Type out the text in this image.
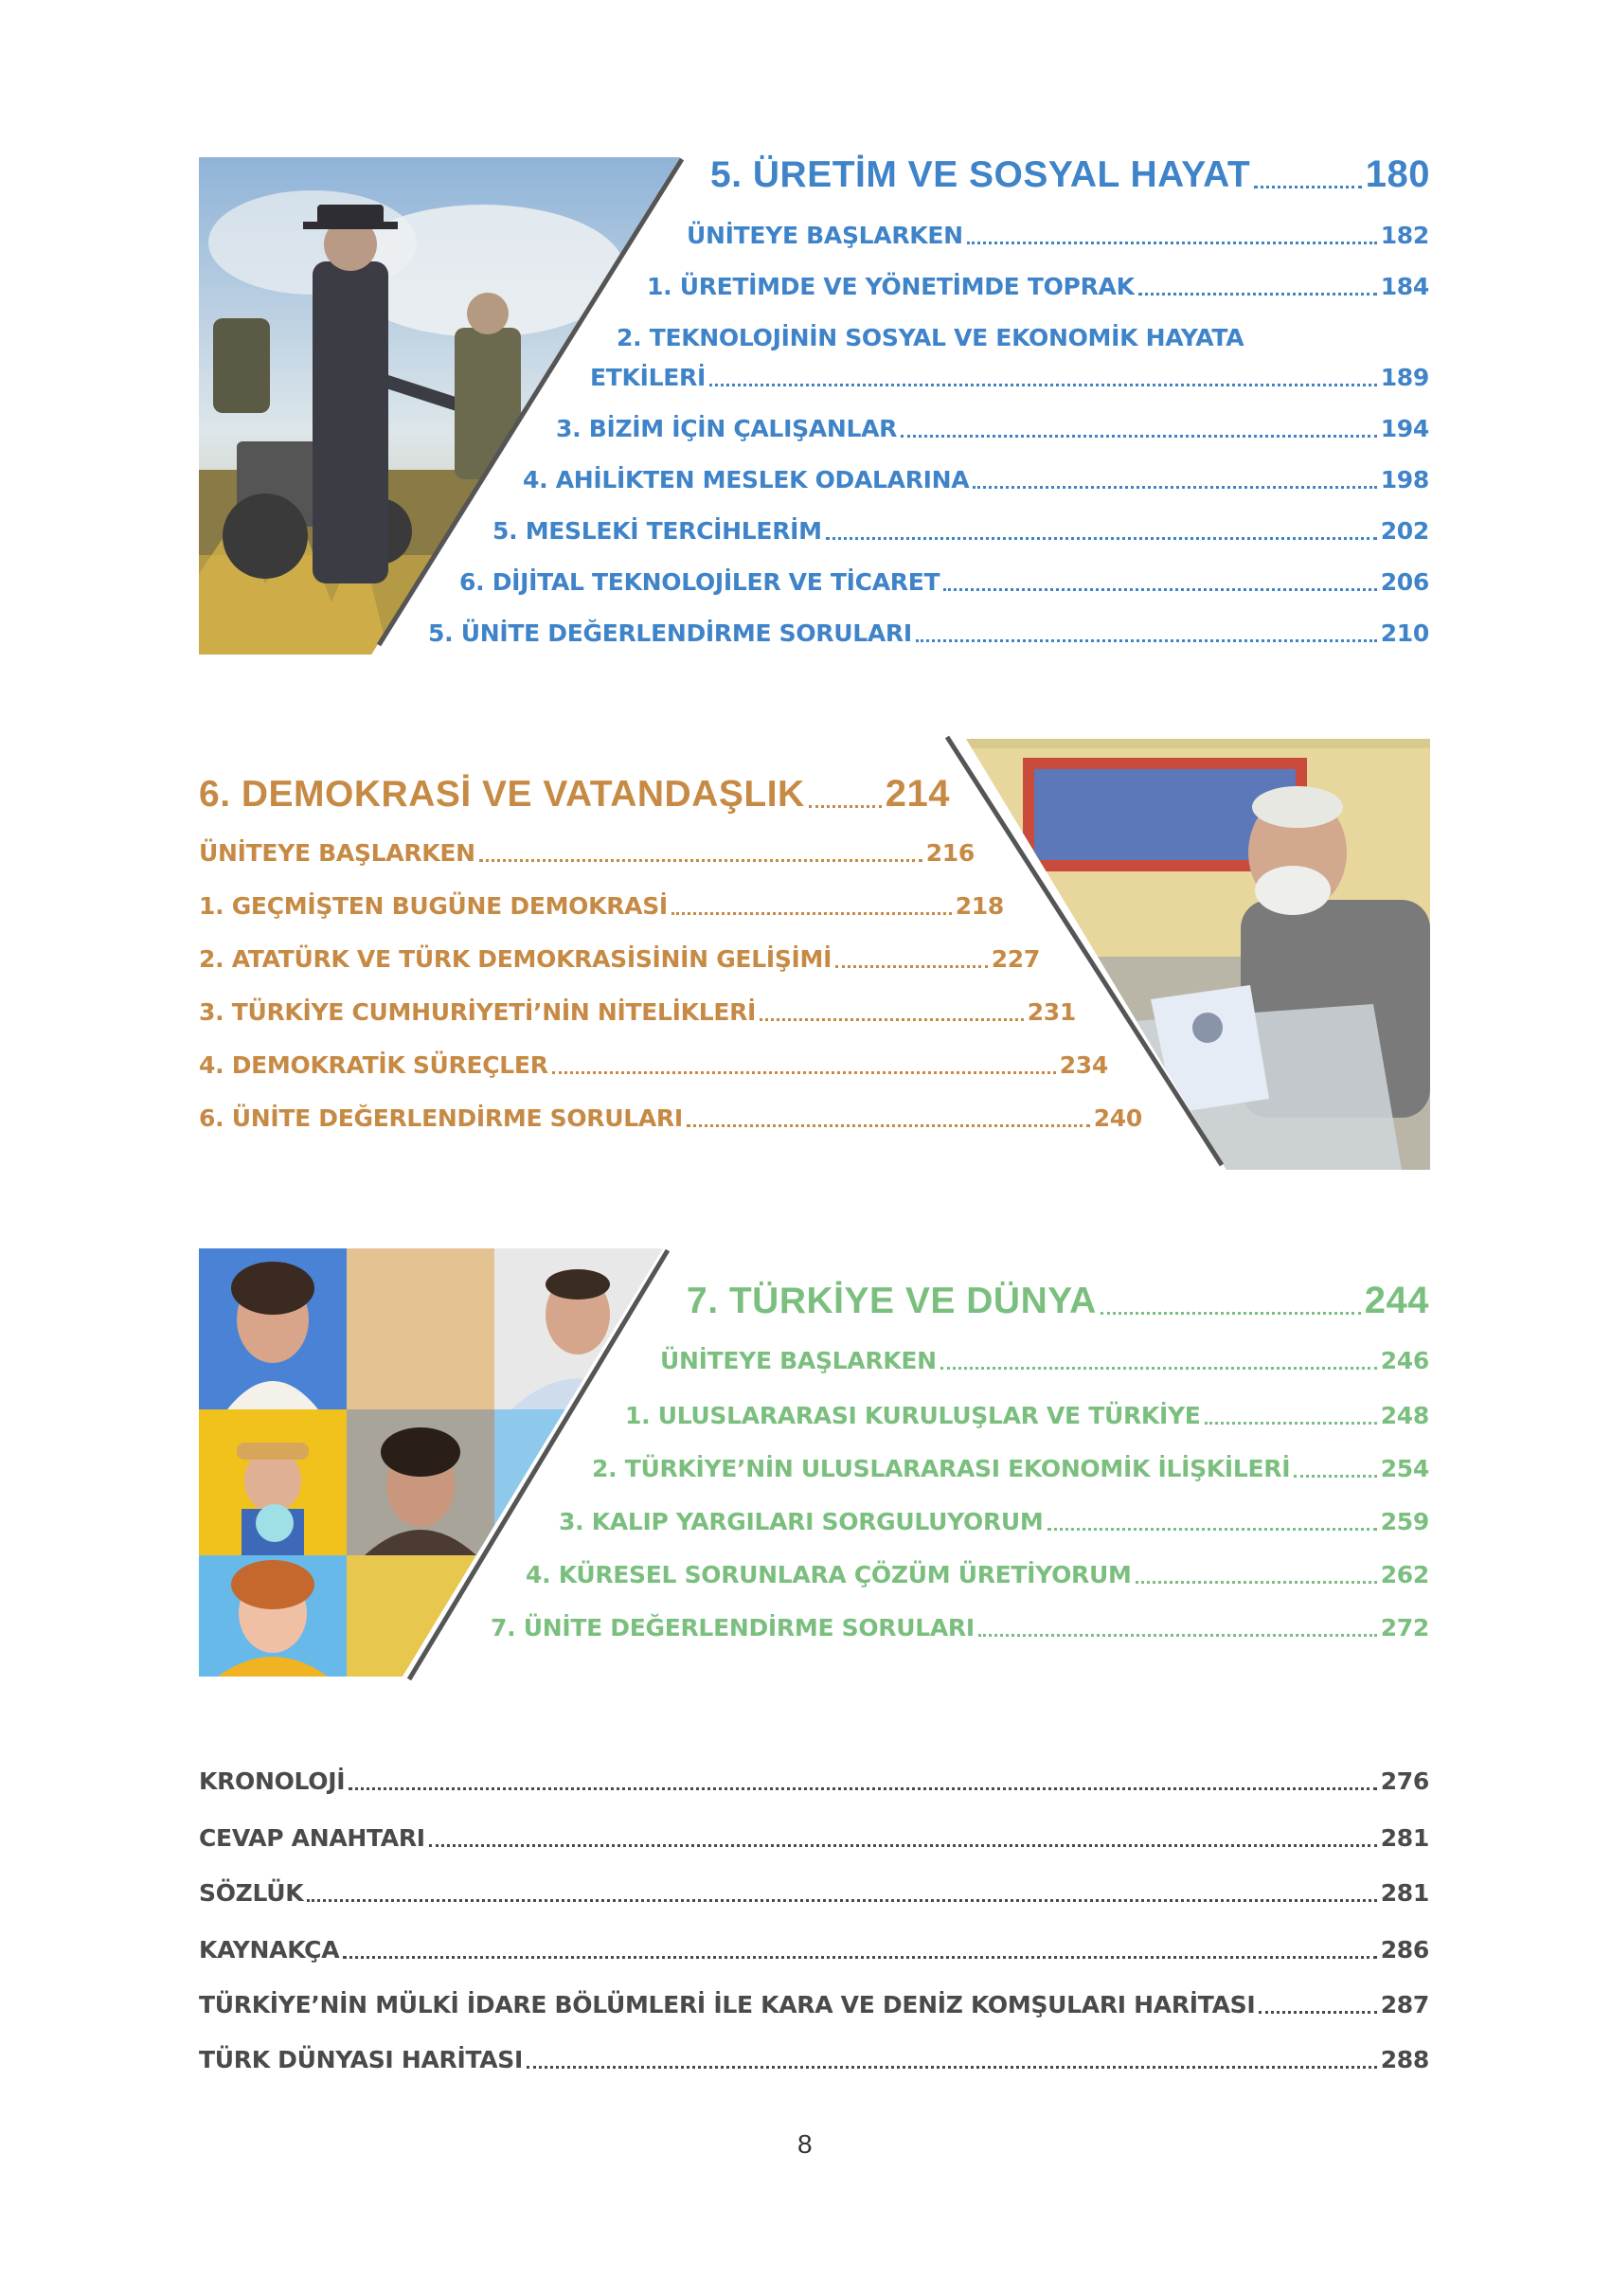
5. ÜRETİM VE SOSYAL HAYAT	180
ÜNİTEYE BAŞLARKEN	182
1. ÜRETİMDE VE YÖNETİMDE TOPRAK	184
2. TEKNOLOJİNİN SOSYAL VE EKONOMİK HAYATA
ETKİLERİ	189
3. BİZİM İÇİN ÇALIŞANLAR	194
4. AHİLİKTEN MESLEK ODALARINA	198
5. MESLEKİ TERCİHLERİM	202
6. DİJİTAL TEKNOLOJİLER VE TİCARET	206
5. ÜNİTE DEĞERLENDİRME SORULARI	210
6. DEMOKRASİ VE VATANDAŞLIK 214
ÜNİTEYE BAŞLARKEN	216
1. GEÇMİŞTEN BUGÜNE DEMOKRASİ	218
2. ATATÜRK VE TÜRK DEMOKRASİSİNİN GELİŞİMİ	227
3. TÜRKİYE CUMHURİYETİ’NİN NİTELİKLERİ	231
4. DEMOKRATİK SÜREÇLER	234
6. ÜNİTE DEĞERLENDİRME SORULARI	240
7. TÜRKİYE VE DÜNYA	244
ÜNİTEYE BAŞLARKEN	246
1. ULUSLARARASI KURULUŞLAR VE TÜRKİYE	248
2. TÜRKİYE’NİN ULUSLARARASI EKONOMİK İLİŞKİLERİ	254
3. KALIP YARGILARI SORGULUYORUM	259
4. KÜRESEL SORUNLARA ÇÖZÜM ÜRETİYORUM	262
7. ÜNİTE DEĞERLENDİRME SORULARI	272
KRONOLOJİ	276
CEVAP ANAHTARI	281
SÖZLÜK	281
KAYNAKÇA	286
TÜRKİYE’NİN MÜLKİ İDARE BÖLÜMLERİ İLE KARA VE DENİZ KOMŞULARI HARİTASI	287
TÜRK DÜNYASI HARİTASI	288
8
